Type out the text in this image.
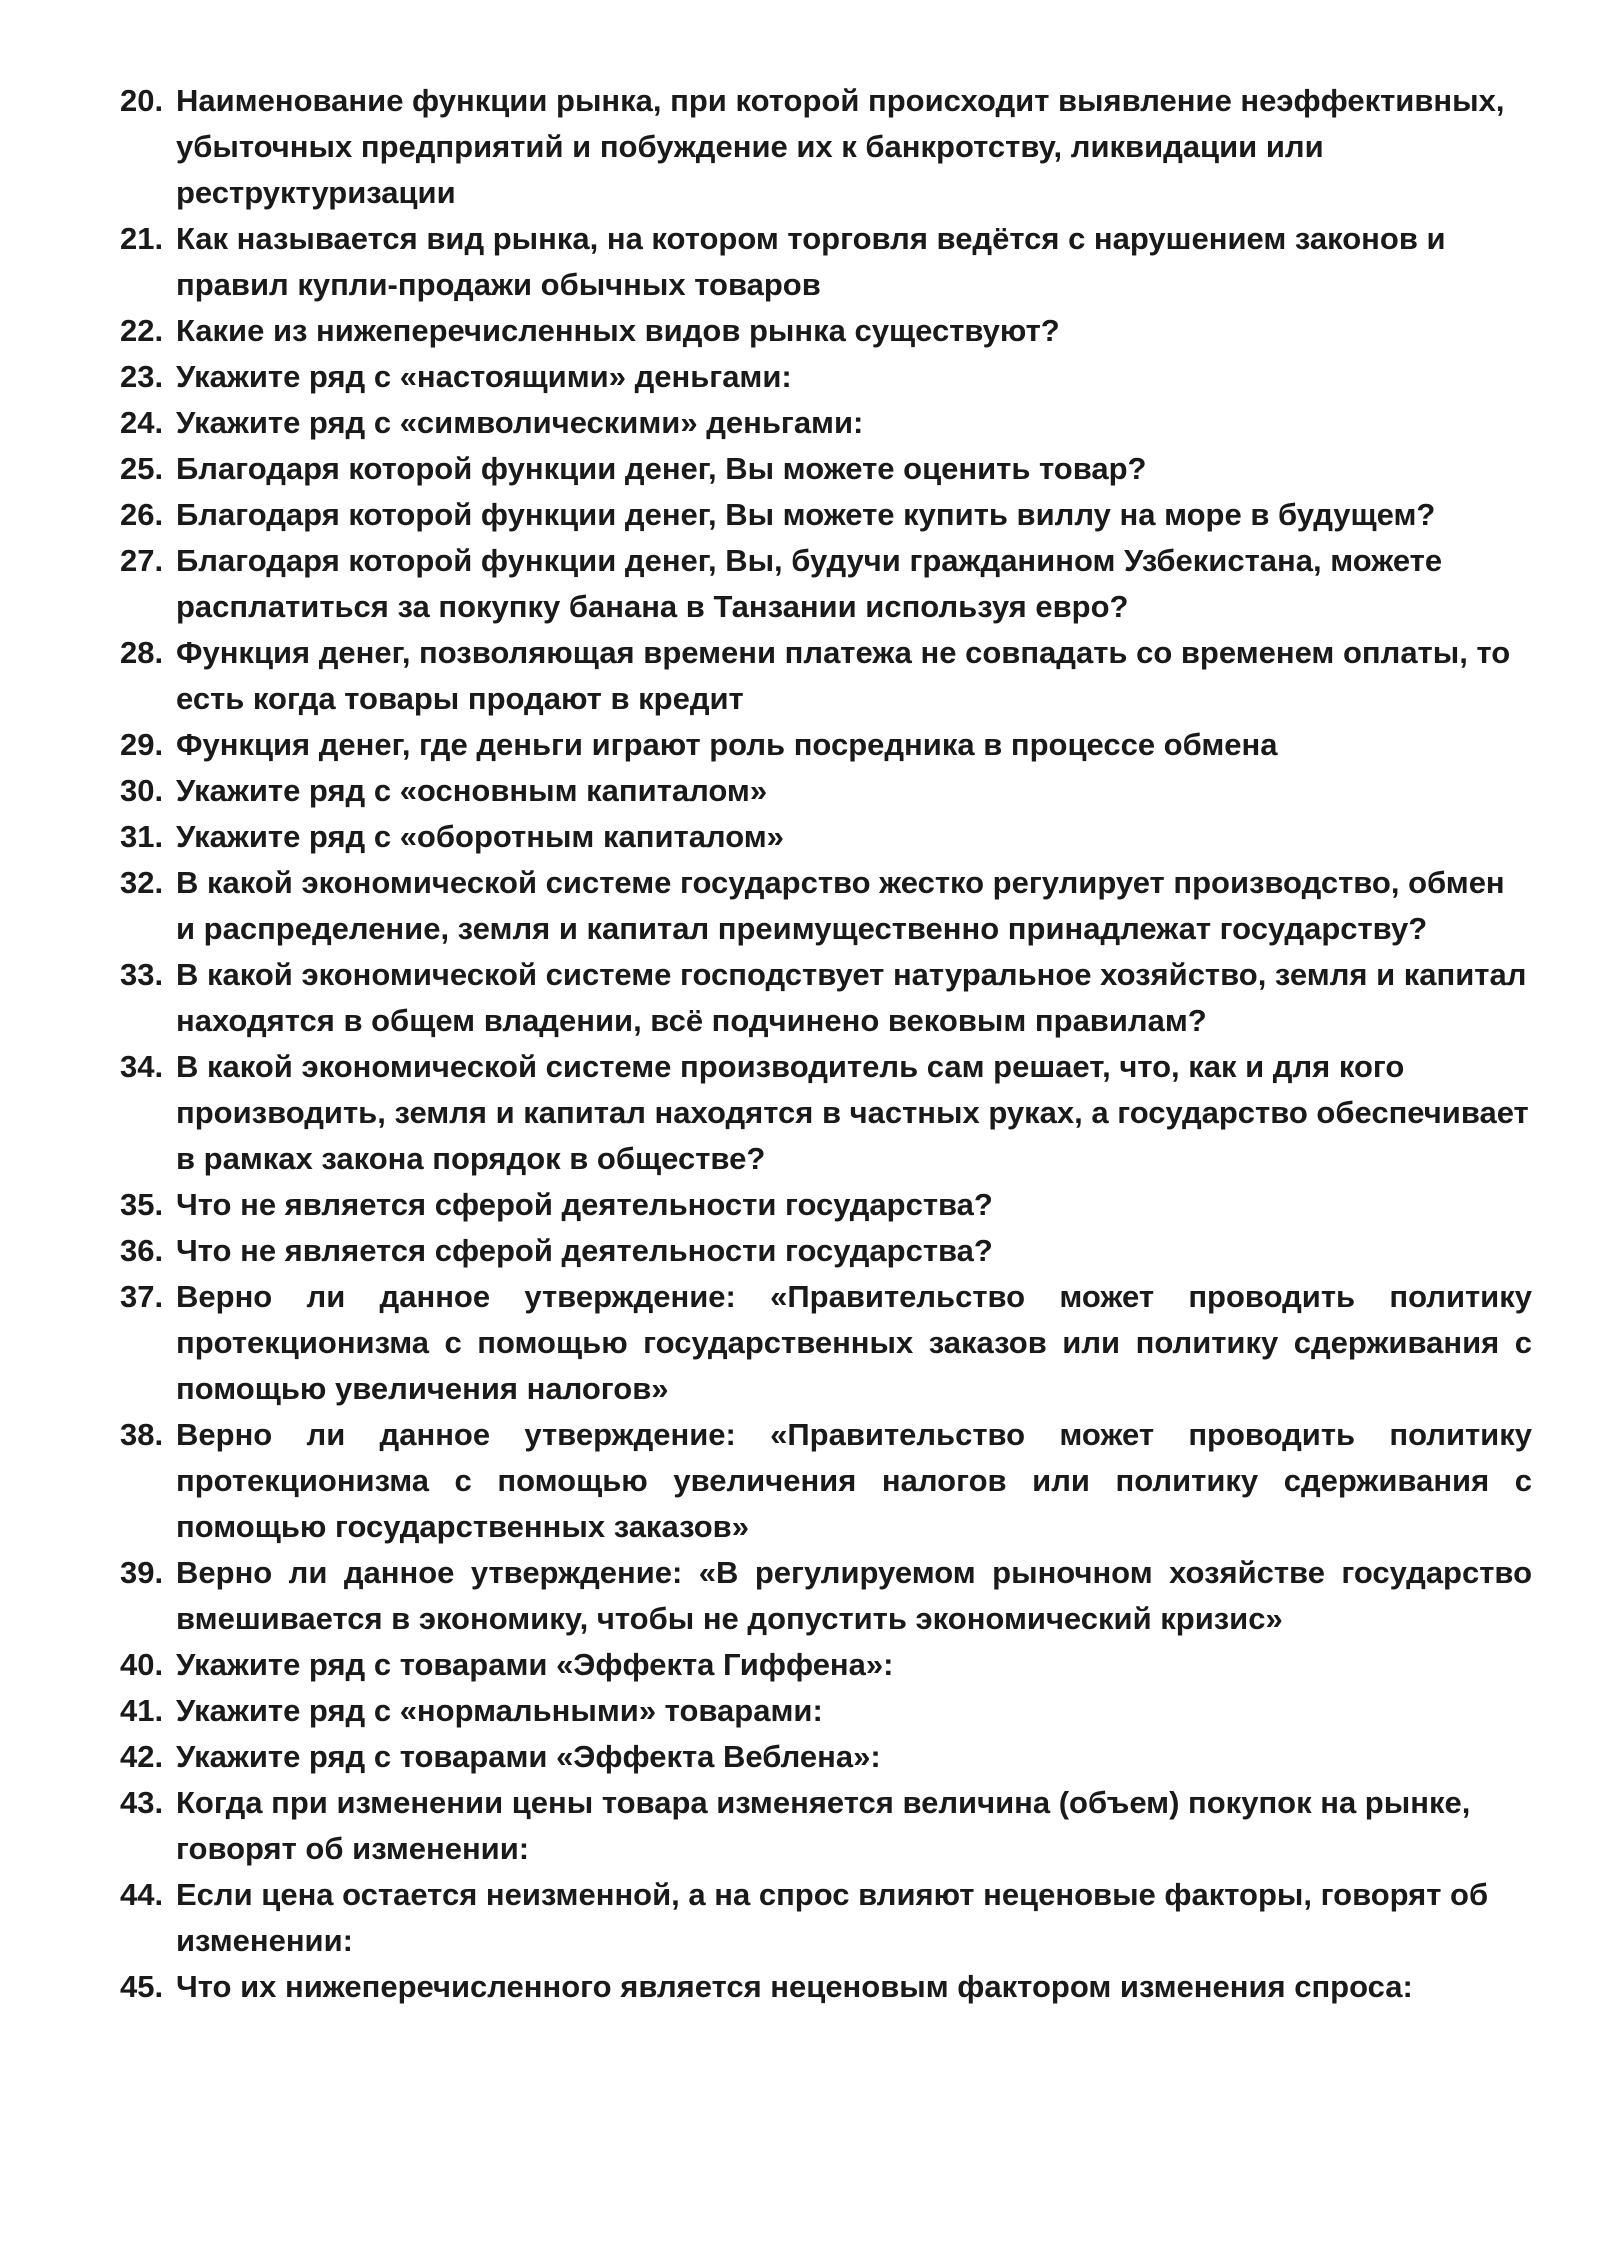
20. Наименование функции рынка, при которой происходит выявление неэффективных, убыточных предприятий и побуждение их к банкротству, ликвидации или реструктуризации
21. Как называется вид рынка, на котором торговля ведётся с нарушением законов и правил купли-продажи обычных товаров
22. Какие из нижеперечисленных видов рынка существуют?
23. Укажите ряд с «настоящими» деньгами:
24. Укажите ряд с «символическими» деньгами:
25. Благодаря которой функции денег, Вы можете оценить товар?
26. Благодаря которой функции денег, Вы можете купить виллу на море в будущем?
27. Благодаря которой функции денег, Вы, будучи гражданином Узбекистана, можете расплатиться за покупку банана в Танзании используя евро?
28. Функция денег, позволяющая времени платежа не совпадать со временем оплаты, то есть когда товары продают в кредит
29. Функция денег, где деньги играют роль посредника в процессе обмена
30. Укажите ряд с «основным капиталом»
31. Укажите ряд с «оборотным капиталом»
32. В какой экономической системе государство жестко регулирует производство, обмен и распределение, земля и капитал преимущественно принадлежат государству?
33. В какой экономической системе господствует натуральное хозяйство, земля и капитал находятся в общем владении, всё подчинено вековым правилам?
34. В какой экономической системе производитель сам решает, что, как и для кого производить, земля и капитал находятся в частных руках, а государство обеспечивает в рамках закона порядок в обществе?
35. Что не является сферой деятельности государства?
36. Что не является сферой деятельности государства?
37. Верно ли данное утверждение: «Правительство может проводить политику протекционизма с помощью государственных заказов или политику сдерживания с помощью увеличения налогов»
38. Верно ли данное утверждение: «Правительство может проводить политику протекционизма с помощью увеличения налогов или политику сдерживания с помощью государственных заказов»
39. Верно ли данное утверждение: «В регулируемом рыночном хозяйстве государство вмешивается в экономику, чтобы не допустить экономический кризис»
40. Укажите ряд с товарами «Эффекта Гиффена»:
41. Укажите ряд с «нормальными» товарами:
42. Укажите ряд с товарами «Эффекта Веблена»:
43. Когда при изменении цены товара изменяется величина (объем) покупок на рынке, говорят об изменении:
44. Если цена остается неизменной, а на спрос влияют неценовые факторы, говорят об изменении:
45. Что их нижеперечисленного является неценовым фактором изменения спроса:
